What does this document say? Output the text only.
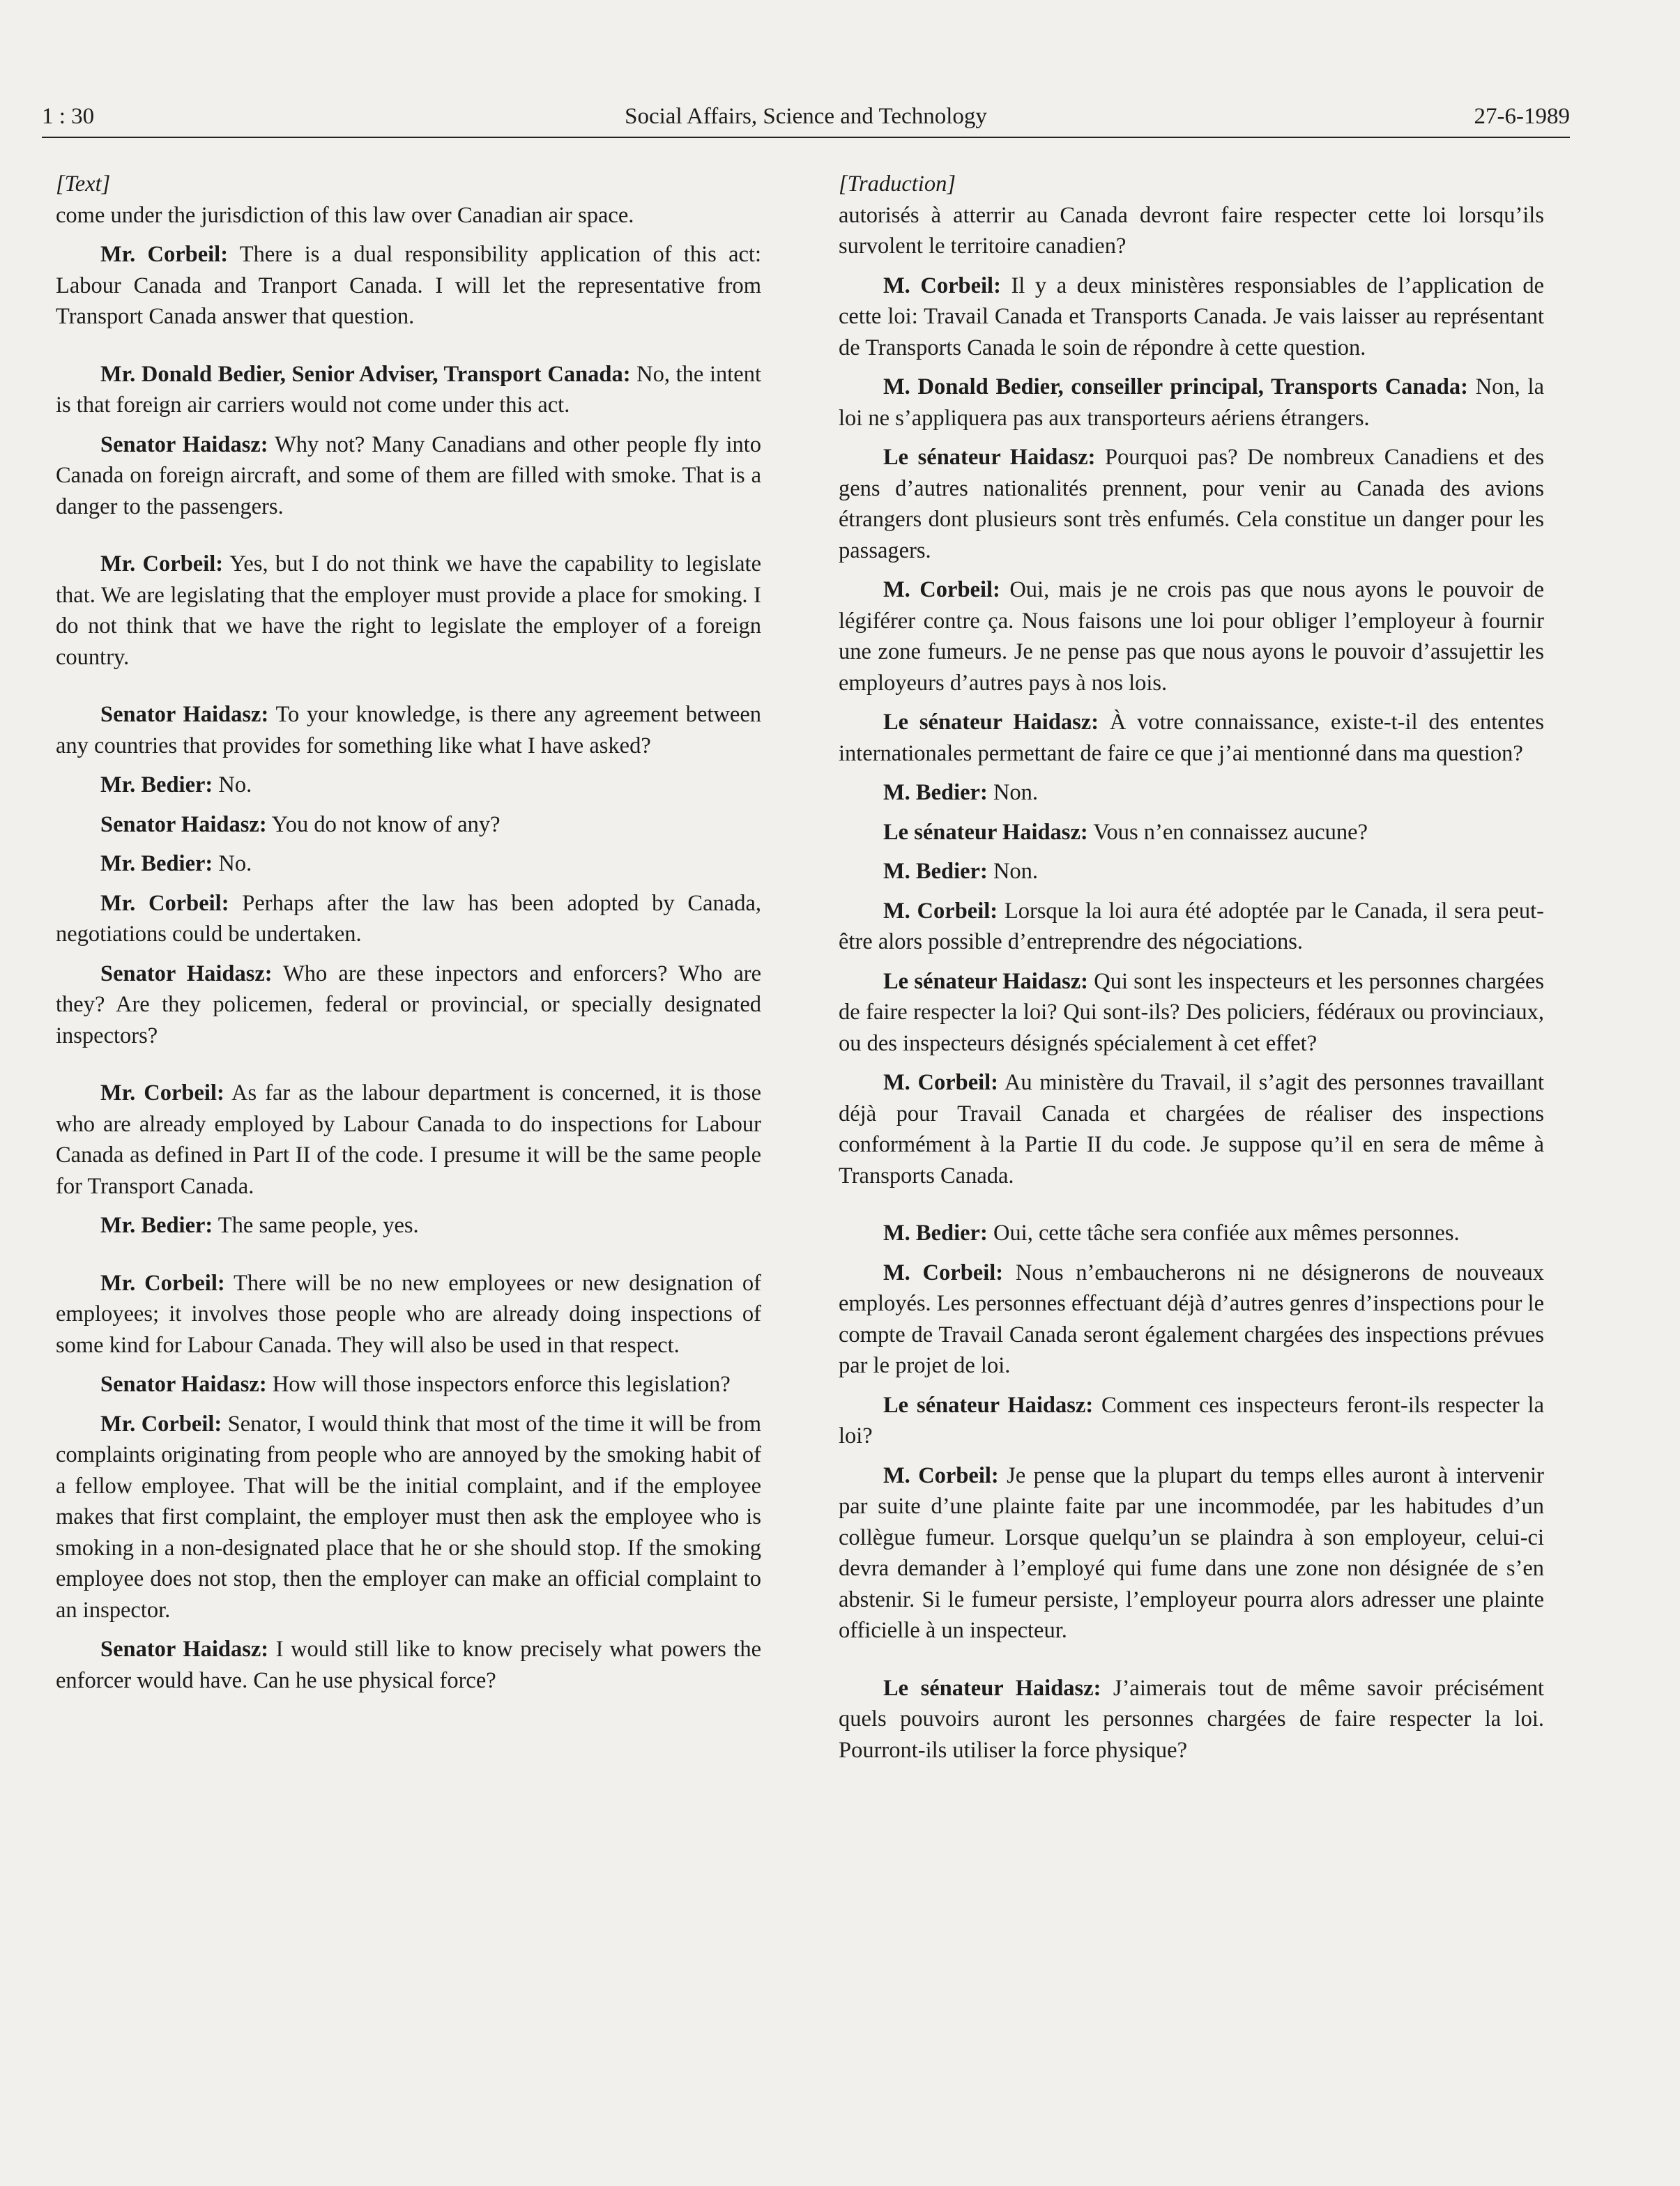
1 : 30	Social Affairs, Science and Technology	27-6-1989

[Text]

come under the jurisdiction of this law over Canadian air space.

Mr. Corbeil: There is a dual responsibility application of this act: Labour Canada and Tranport Canada. I will let the representative from Transport Canada answer that question.

Mr. Donald Bedier, Senior Adviser, Transport Canada: No, the intent is that foreign air carriers would not come under this act.

Senator Haidasz: Why not? Many Canadians and other people fly into Canada on foreign aircraft, and some of them are filled with smoke. That is a danger to the passengers.

Mr. Corbeil: Yes, but I do not think we have the capability to legislate that. We are legislating that the employer must provide a place for smoking. I do not think that we have the right to legislate the employer of a foreign country.

Senator Haidasz: To your knowledge, is there any agreement between any countries that provides for something like what I have asked?

Mr. Bedier: No.

Senator Haidasz: You do not know of any?

Mr. Bedier: No.

Mr. Corbeil: Perhaps after the law has been adopted by Canada, negotiations could be undertaken.

Senator Haidasz: Who are these inpectors and enforcers? Who are they? Are they policemen, federal or provincial, or specially designated inspectors?

Mr. Corbeil: As far as the labour department is concerned, it is those who are already employed by Labour Canada to do inspections for Labour Canada as defined in Part II of the code. I presume it will be the same people for Transport Canada.

Mr. Bedier: The same people, yes.

Mr. Corbeil: There will be no new employees or new designation of employees; it involves those people who are already doing inspections of some kind for Labour Canada. They will also be used in that respect.

Senator Haidasz: How will those inspectors enforce this legislation?

Mr. Corbeil: Senator, I would think that most of the time it will be from complaints originating from people who are annoyed by the smoking habit of a fellow employee. That will be the initial complaint, and if the employee makes that first complaint, the employer must then ask the employee who is smoking in a non-designated place that he or she should stop. If the smoking employee does not stop, then the employer can make an official complaint to an inspector.

Senator Haidasz: I would still like to know precisely what powers the enforcer would have. Can he use physical force?

[Traduction]

autorisés à atterrir au Canada devront faire respecter cette loi lorsqu’ils survolent le territoire canadien?

M. Corbeil: Il y a deux ministères responsiables de l’application de cette loi: Travail Canada et Transports Canada. Je vais laisser au représentant de Transports Canada le soin de répondre à cette question.

M. Donald Bedier, conseiller principal, Transports Canada: Non, la loi ne s’appliquera pas aux transporteurs aériens étrangers.

Le sénateur Haidasz: Pourquoi pas? De nombreux Canadiens et des gens d’autres nationalités prennent, pour venir au Canada des avions étrangers dont plusieurs sont très enfumés. Cela constitue un danger pour les passagers.

M. Corbeil: Oui, mais je ne crois pas que nous ayons le pouvoir de légiférer contre ça. Nous faisons une loi pour obliger l’employeur à fournir une zone fumeurs. Je ne pense pas que nous ayons le pouvoir d’assujettir les employeurs d’autres pays à nos lois.

Le sénateur Haidasz: À votre connaissance, existe-t-il des ententes internationales permettant de faire ce que j’ai mentionné dans ma question?

M. Bedier: Non.

Le sénateur Haidasz: Vous n’en connaissez aucune?

M. Bedier: Non.

M. Corbeil: Lorsque la loi aura été adoptée par le Canada, il sera peut-être alors possible d’entreprendre des négociations.

Le sénateur Haidasz: Qui sont les inspecteurs et les personnes chargées de faire respecter la loi? Qui sont-ils? Des policiers, fédéraux ou provinciaux, ou des inspecteurs désignés spécialement à cet effet?

M. Corbeil: Au ministère du Travail, il s’agit des personnes travaillant déjà pour Travail Canada et chargées de réaliser des inspections conformément à la Partie II du code. Je suppose qu’il en sera de même à Transports Canada.

M. Bedier: Oui, cette tâche sera confiée aux mêmes personnes.

M. Corbeil: Nous n’embaucherons ni ne désignerons de nouveaux employés. Les personnes effectuant déjà d’autres genres d’inspections pour le compte de Travail Canada seront également chargées des inspections prévues par le projet de loi.

Le sénateur Haidasz: Comment ces inspecteurs feront-ils respecter la loi?

M. Corbeil: Je pense que la plupart du temps elles auront à intervenir par suite d’une plainte faite par une incommodée, par les habitudes d’un collègue fumeur. Lorsque quelqu’un se plaindra à son employeur, celui-ci devra demander à l’employé qui fume dans une zone non désignée de s’en abstenir. Si le fumeur persiste, l’employeur pourra alors adresser une plainte officielle à un inspecteur.

Le sénateur Haidasz: J’aimerais tout de même savoir précisément quels pouvoirs auront les personnes chargées de faire respecter la loi. Pourront-ils utiliser la force physique?
